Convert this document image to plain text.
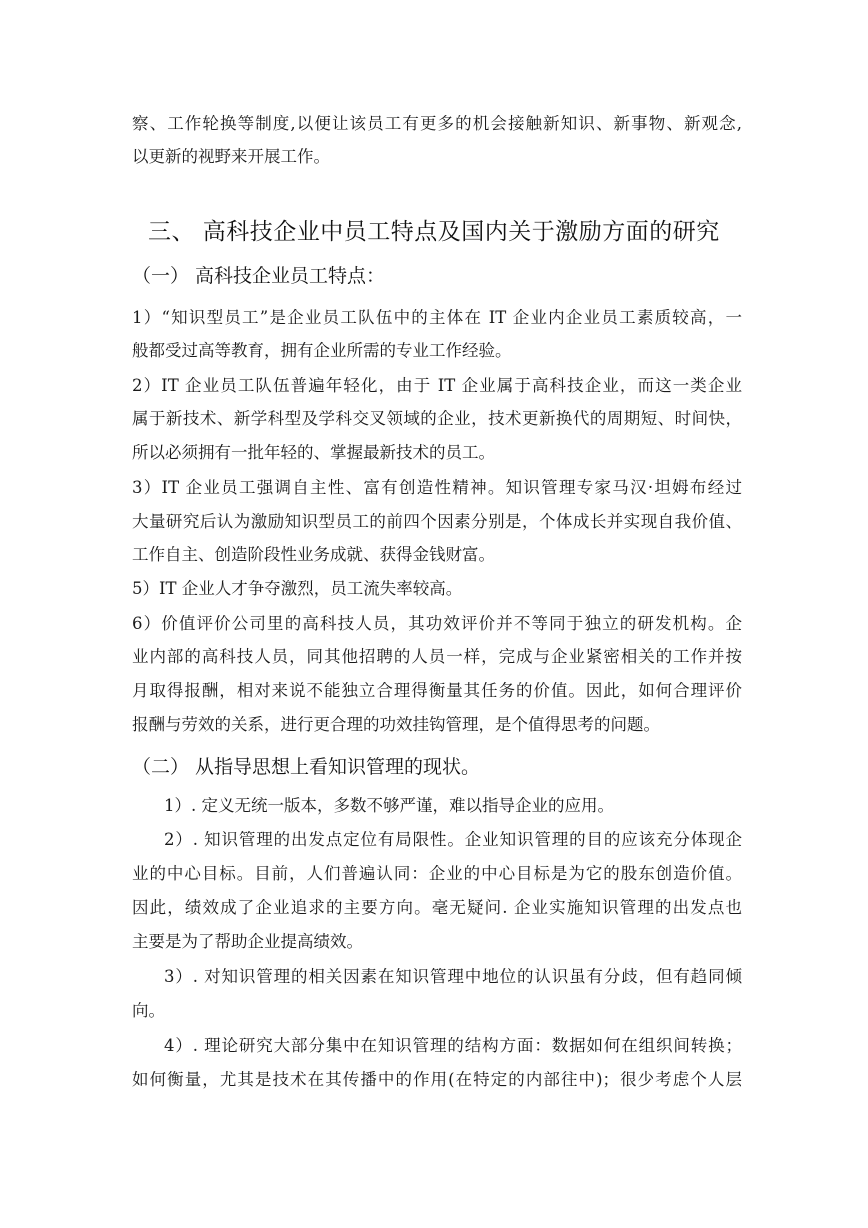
察、工作轮换等制度,以便让该员工有更多的机会接触新知识、新事物、新观念,
以更新的视野来开展工作。
三、 高科技企业中员工特点及国内关于激励方面的研究
（一） 高科技企业员工特点：
1）“知识型员工”是企业员工队伍中的主体在 IT 企业内企业员工素质较高，一
般都受过高等教育，拥有企业所需的专业工作经验。
2）IT 企业员工队伍普遍年轻化，由于 IT 企业属于高科技企业，而这一类企业
属于新技术、新学科型及学科交叉领域的企业，技术更新换代的周期短、时间快，
所以必须拥有一批年轻的、掌握最新技术的员工。
3）IT 企业员工强调自主性、富有创造性精神。知识管理专家马汉·坦姆布经过
大量研究后认为激励知识型员工的前四个因素分别是，个体成长并实现自我价值、
工作自主、创造阶段性业务成就、获得金钱财富。
5）IT 企业人才争夺激烈，员工流失率较高。
6）价值评价公司里的高科技人员，其功效评价并不等同于独立的研发机构。企
业内部的高科技人员，同其他招聘的人员一样，完成与企业紧密相关的工作并按
月取得报酬，相对来说不能独立合理得衡量其任务的价值。因此，如何合理评价
报酬与劳效的关系，进行更合理的功效挂钩管理，是个值得思考的问题。
（二） 从指导思想上看知识管理的现状。
1）. 定义无统一版本，多数不够严谨，难以指导企业的应用。
2）. 知识管理的出发点定位有局限性。企业知识管理的目的应该充分体现企
业的中心目标。目前，人们普遍认同：企业的中心目标是为它的股东创造价值。
因此，绩效成了企业追求的主要方向。毫无疑问. 企业实施知识管理的出发点也
主要是为了帮助企业提高绩效。
3）. 对知识管理的相关因素在知识管理中地位的认识虽有分歧，但有趋同倾
向。
4）. 理论研究大部分集中在知识管理的结构方面：数据如何在组织间转换；
如何衡量，尤其是技术在其传播中的作用(在特定的内部往中)；很少考虑个人层
